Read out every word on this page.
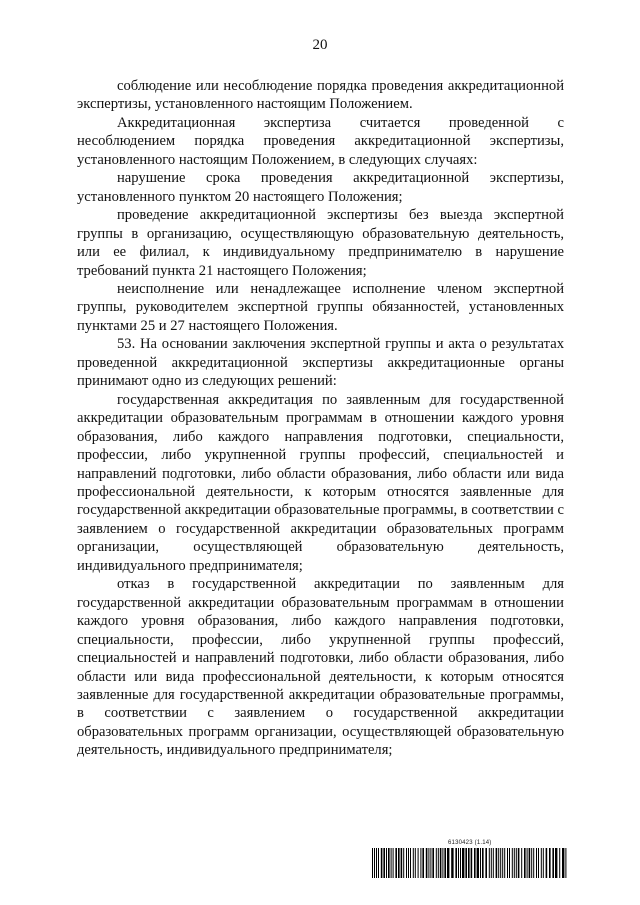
20

соблюдение или несоблюдение порядка проведения аккредитационной экспертизы, установленного настоящим Положением.

Аккредитационная экспертиза считается проведенной с несоблюдением порядка проведения аккредитационной экспертизы, установленного настоящим Положением, в следующих случаях:

нарушение срока проведения аккредитационной экспертизы, установленного пунктом 20 настоящего Положения;

проведение аккредитационной экспертизы без выезда экспертной группы в организацию, осуществляющую образовательную деятельность, или ее филиал, к индивидуальному предпринимателю в нарушение требований пункта 21 настоящего Положения;

неисполнение или ненадлежащее исполнение членом экспертной группы, руководителем экспертной группы обязанностей, установленных пунктами 25 и 27 настоящего Положения.

53. На основании заключения экспертной группы и акта о результатах проведенной аккредитационной экспертизы аккредитационные органы принимают одно из следующих решений:

государственная аккредитация по заявленным для государственной аккредитации образовательным программам в отношении каждого уровня образования, либо каждого направления подготовки, специальности, профессии, либо укрупненной группы профессий, специальностей и направлений подготовки, либо области образования, либо области или вида профессиональной деятельности, к которым относятся заявленные для государственной аккредитации образовательные программы, в соответствии с заявлением о государственной аккредитации образовательных программ организации, осуществляющей образовательную деятельность, индивидуального предпринимателя;

отказ в государственной аккредитации по заявленным для государственной аккредитации образовательным программам в отношении каждого уровня образования, либо каждого направления подготовки, специальности, профессии, либо укрупненной группы профессий, специальностей и направлений подготовки, либо области образования, либо области или вида профессиональной деятельности, к которым относятся заявленные для государственной аккредитации образовательные программы, в соответствии с заявлением о государственной аккредитации образовательных программ организации, осуществляющей образовательную деятельность, индивидуального предпринимателя;

6130423 (1.14)
